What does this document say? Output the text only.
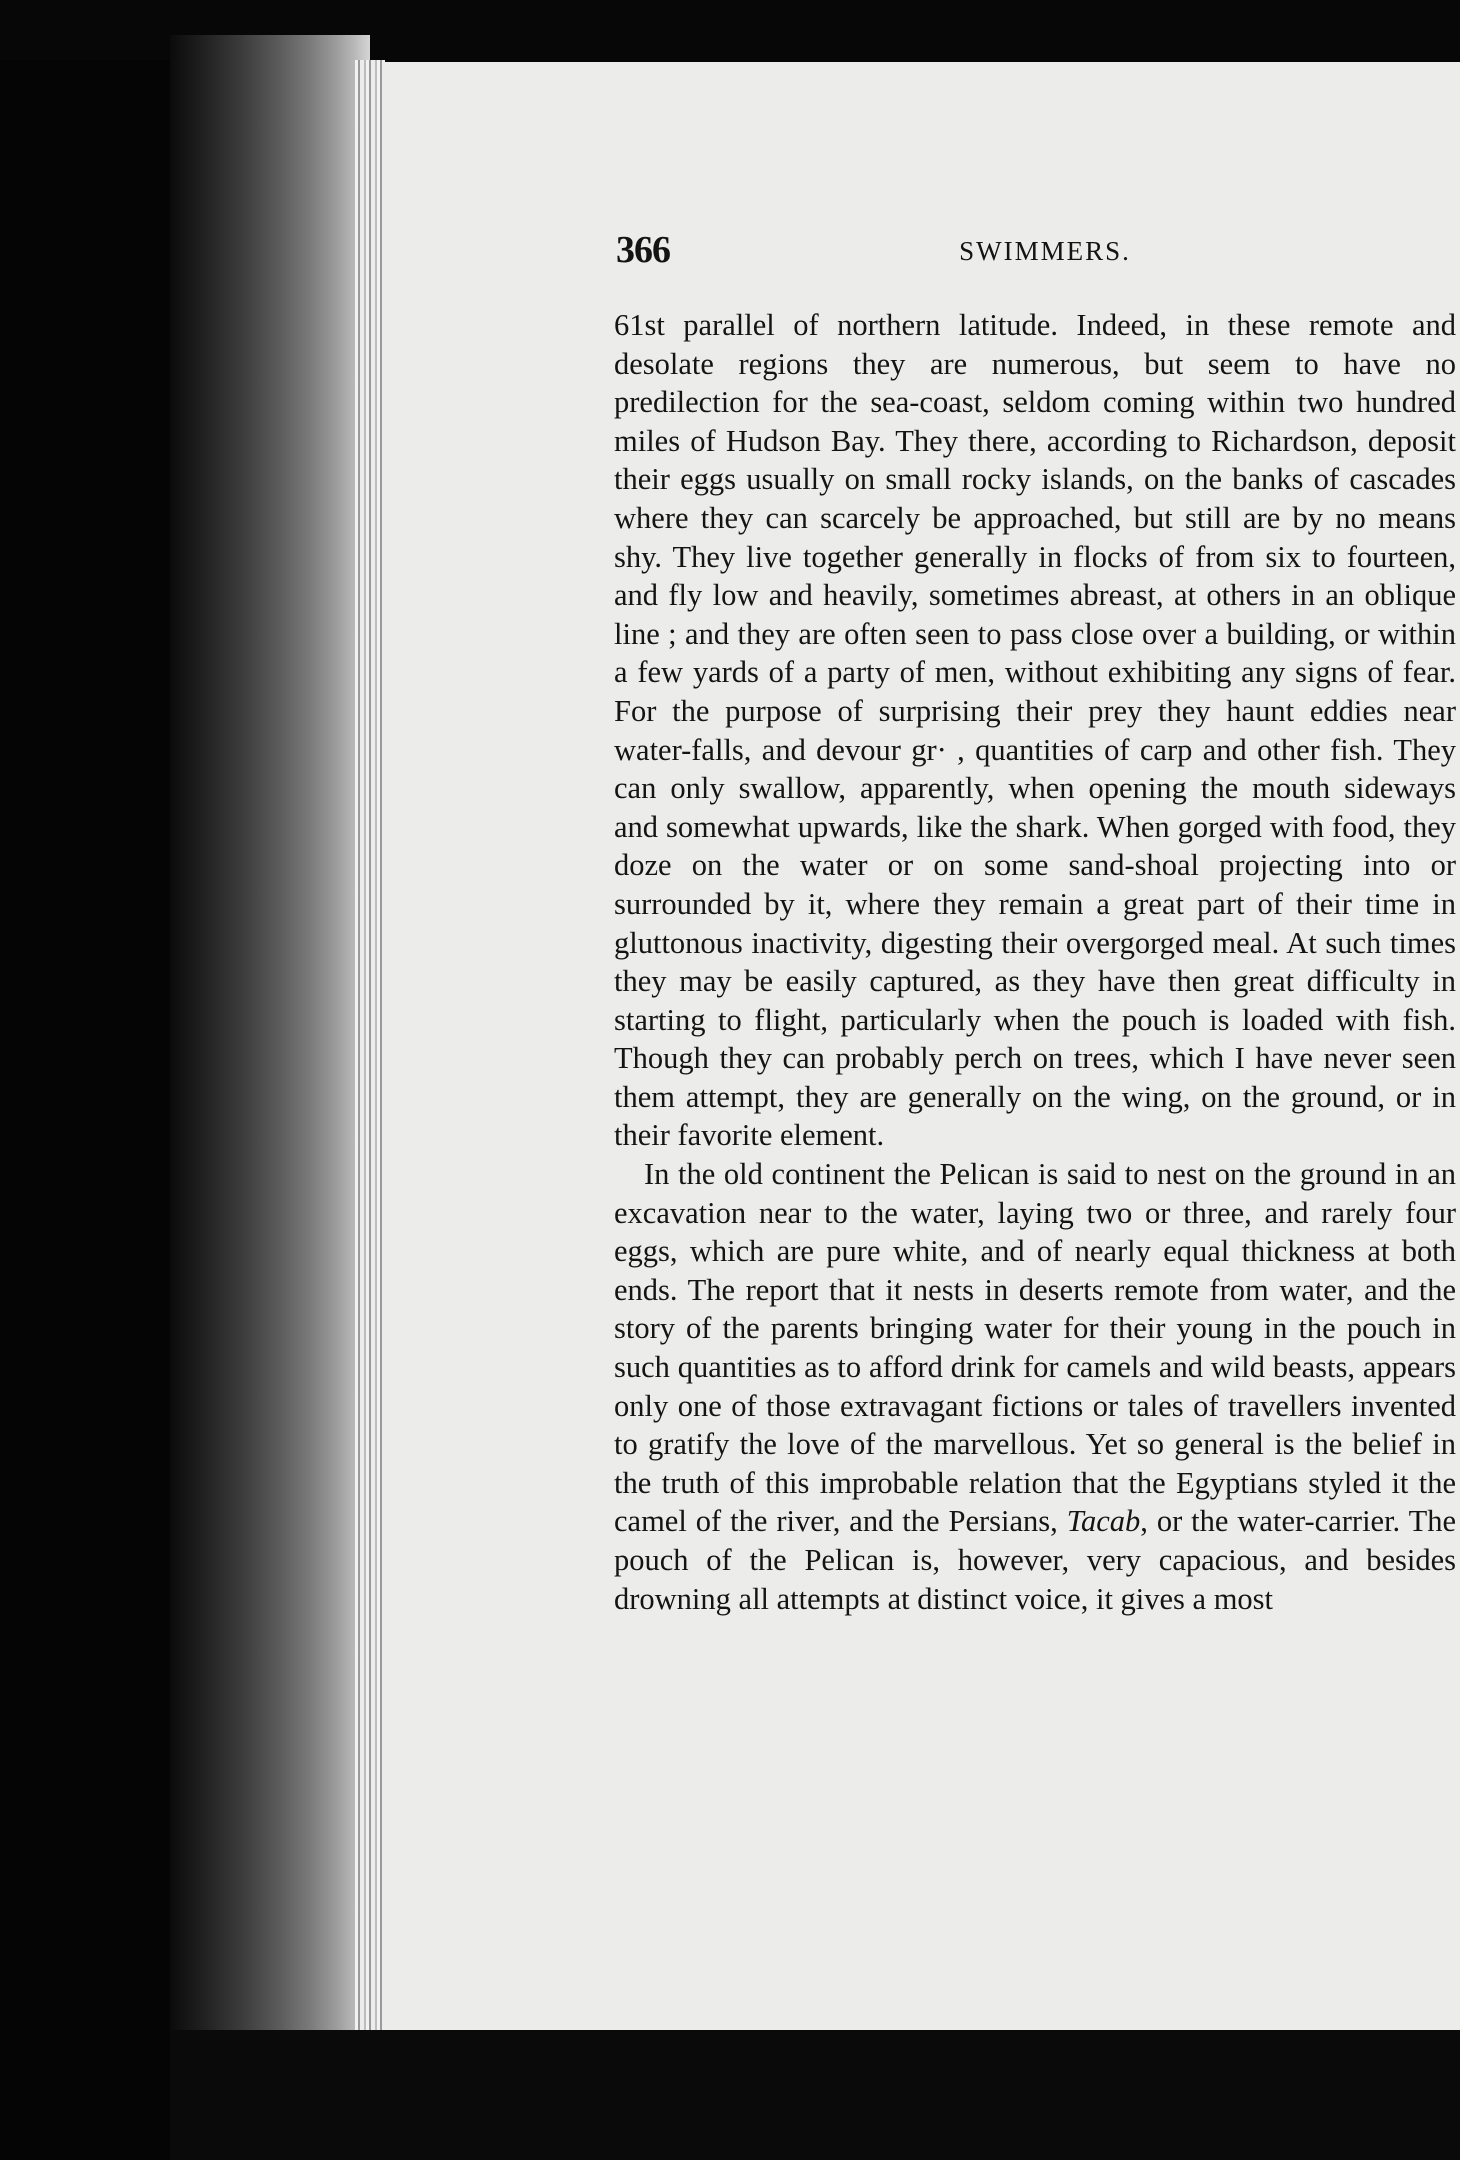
366	SWIMMERS.

61st parallel of northern latitude. Indeed, in these remote and desolate regions they are numerous, but seem to have no predilection for the sea-coast, seldom coming within two hundred miles of Hudson Bay. They there, according to Richardson, deposit their eggs usually on small rocky islands, on the banks of cascades where they can scarcely be approached, but still are by no means shy. They live together generally in flocks of from six to fourteen, and fly low and heavily, sometimes abreast, at others in an oblique line ; and they are often seen to pass close over a building, or within a few yards of a party of men, without exhibiting any signs of fear. For the purpose of surprising their prey they haunt eddies near water-falls, and devour gr· , quantities of carp and other fish. They can only swallow, apparently, when opening the mouth sideways and somewhat upwards, like the shark. When gorged with food, they doze on the water or on some sand-shoal projecting into or surrounded by it, where they remain a great part of their time in gluttonous inactivity, digesting their overgorged meal. At such times they may be easily captured, as they have then great difficulty in starting to flight, particularly when the pouch is loaded with fish. Though they can probably perch on trees, which I have never seen them attempt, they are generally on the wing, on the ground, or in their favorite element.

In the old continent the Pelican is said to nest on the ground in an excavation near to the water, laying two or three, and rarely four eggs, which are pure white, and of nearly equal thickness at both ends. The report that it nests in deserts remote from water, and the story of the parents bringing water for their young in the pouch in such quantities as to afford drink for camels and wild beasts, appears only one of those extravagant fictions or tales of travellers invented to gratify the love of the marvellous. Yet so general is the belief in the truth of this improbable relation that the Egyptians styled it the camel of the river, and the Persians, Tacab, or the water-carrier. The pouch of the Pelican is, however, very capacious, and besides drowning all attempts at distinct voice, it gives a most
